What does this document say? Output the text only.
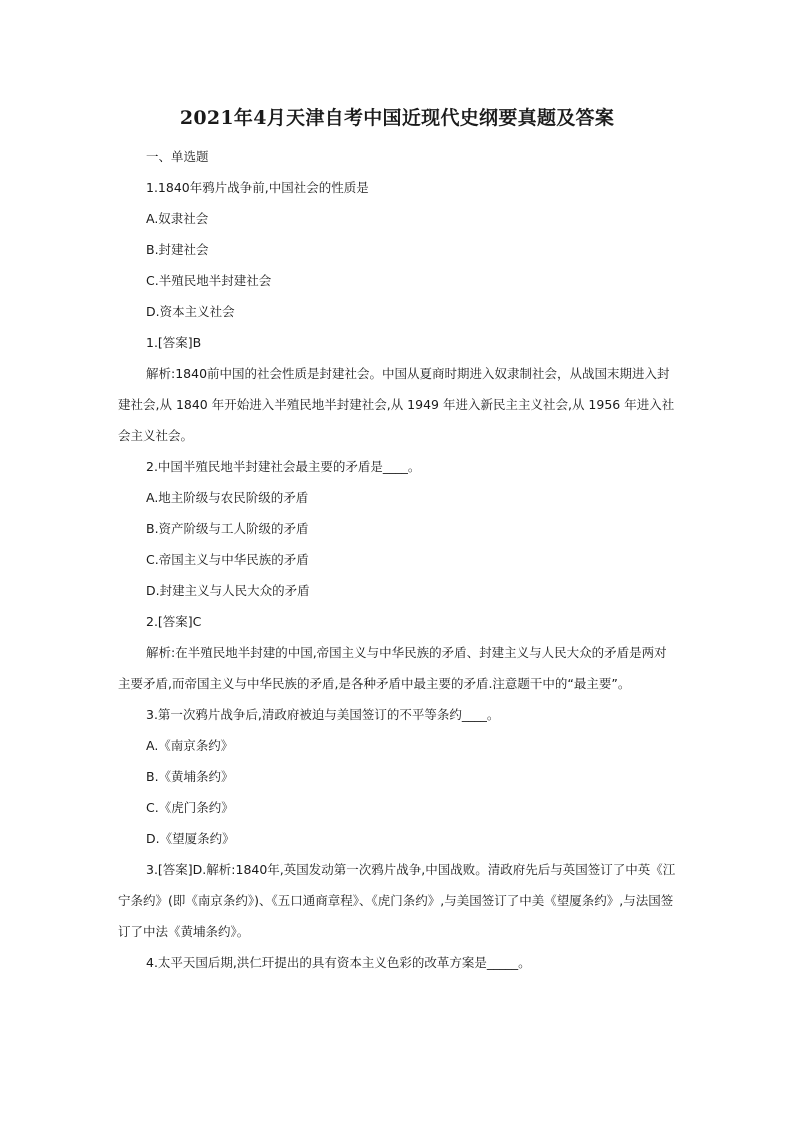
2021年4月天津自考中国近现代史纲要真题及答案

一、单选题

1.1840年鸦片战争前,中国社会的性质是

A.奴隶社会

B.封建社会

C.半殖民地半封建社会

D.资本主义社会

1.[答案]B

解析:1840前中国的社会性质是封建社会。中国从夏商时期进入奴隶制社会，从战国末期进入封建社会,从 1840 年开始进入半殖民地半封建社会,从 1949 年进入新民主主义社会,从 1956 年进入社会主义社会。

2.中国半殖民地半封建社会最主要的矛盾是____。

A.地主阶级与农民阶级的矛盾

B.资产阶级与工人阶级的矛盾

C.帝国主义与中华民族的矛盾

D.封建主义与人民大众的矛盾

2.[答案]C

解析:在半殖民地半封建的中国,帝国主义与中华民族的矛盾、封建主义与人民大众的矛盾是两对主要矛盾,而帝国主义与中华民族的矛盾,是各种矛盾中最主要的矛盾.注意题干中的“最主要”。

3.第一次鸦片战争后,清政府被迫与美国签订的不平等条约____。

A.《南京条约》

B.《黄埔条约》

C.《虎门条约》

D.《望厦条约》

3.[答案]D.解析:1840年,英国发动第一次鸦片战争,中国战败。清政府先后与英国签订了中英《江宁条约》(即《南京条约》)、《五口通商章程》、《虎门条约》,与美国签订了中美《望厦条约》,与法国签订了中法《黄埔条约》。

4.太平天国后期,洪仁玕提出的具有资本主义色彩的改革方案是_____。
